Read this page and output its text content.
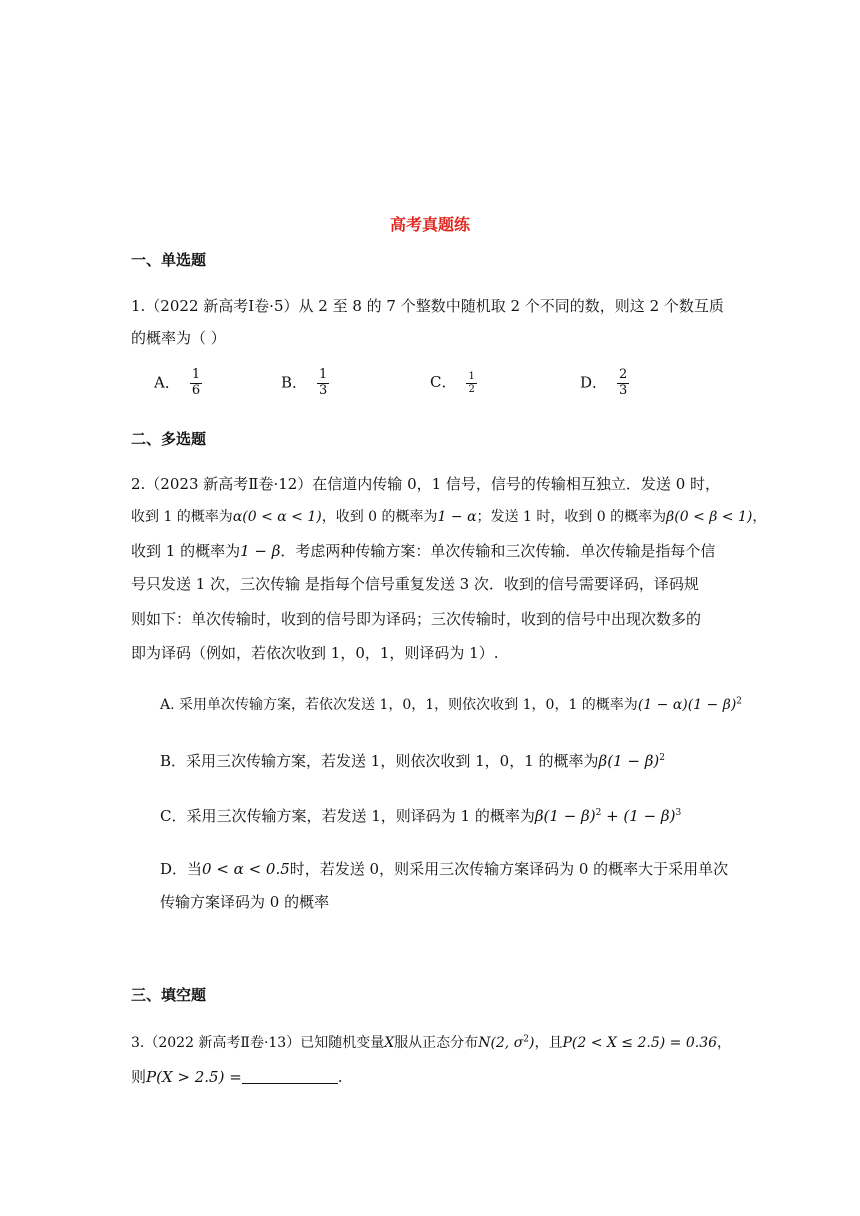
高考真题练
一、单选题
1.（2022 新高考Ⅰ卷·5）从 2 至 8 的 7 个整数中随机取 2 个不同的数，则这 2 个数互质
的概率为（ ）
A． $\frac{1}{6}$	B． $\frac{1}{3}$	C． $\frac{1}{2}$	D． $\frac{2}{3}$
二、多选题
2.（2023 新高考Ⅱ卷·12）在信道内传输 0，1 信号，信号的传输相互独立．发送 0 时，
收到 1 的概率为α(0 < α < 1)，收到 0 的概率为1 − α；发送 1 时，收到 0 的概率为β(0 < β < 1)，
收到 1 的概率为1 − β．考虑两种传输方案：单次传输和三次传输．单次传输是指每个信
号只发送 1 次，三次传输 是指每个信号重复发送 3 次．收到的信号需要译码，译码规
则如下：单次传输时，收到的信号即为译码；三次传输时，收到的信号中出现次数多的
即为译码（例如，若依次收到 1，0，1，则译码为 1）.
A. 采用单次传输方案，若依次发送 1，0，1，则依次收到 1，0，1 的概率为$(1 - \alpha)(1 - \beta)^2$
B．采用三次传输方案，若发送 1，则依次收到 1，0，1 的概率为$\beta(1 - \beta)^2$
C．采用三次传输方案，若发送 1，则译码为 1 的概率为$\beta(1 - \beta)^2 + (1 - \beta)^3$
D．当0 < α < 0.5时，若发送 0，则采用三次传输方案译码为 0 的概率大于采用单次
传输方案译码为 0 的概率
三、填空题
3.（2022 新高考Ⅱ卷·13）已知随机变量X服从正态分布N(2, $\sigma^2$)，且P(2 < X ≤ 2.5) = 0.36，
则P(X > 2.5) =	.
